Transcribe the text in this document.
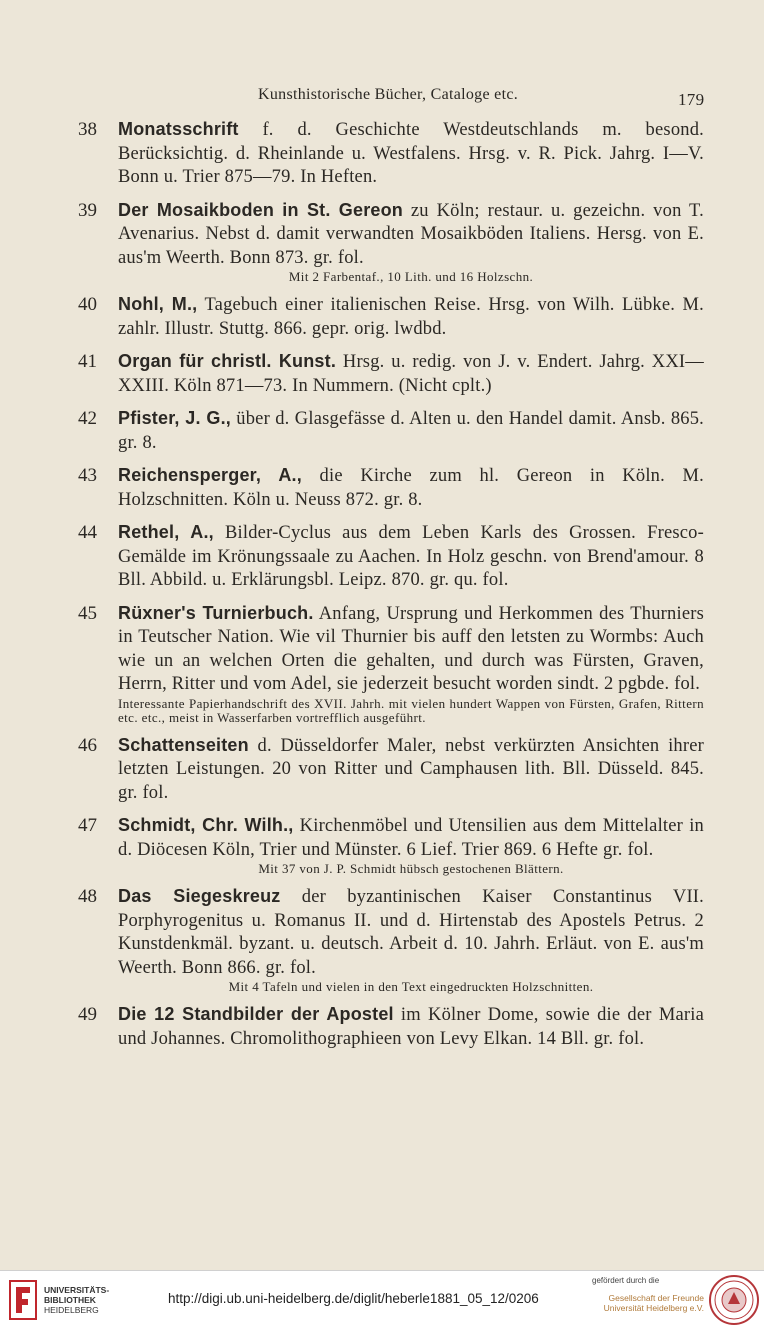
Kunsthistorische Bücher, Cataloge etc.	179
38 Monatsschrift f. d. Geschichte Westdeutschlands m. besond. Berücksichtig. d. Rheinlande u. Westfalens. Hrsg. v. R. Pick. Jahrg. I—V. Bonn u. Trier 875—79. In Heften.
39 Der Mosaikboden in St. Gereon zu Köln; restaur. u. gezeichn. von T. Avenarius. Nebst d. damit verwandten Mosaikböden Italiens. Hersg. von E. aus'm Weerth. Bonn 873. gr. fol.
Mit 2 Farbentaf., 10 Lith. und 16 Holzschn.
40 Nohl, M., Tagebuch einer italienischen Reise. Hrsg. von Wilh. Lübke. M. zahlr. Illustr. Stuttg. 866. gepr. orig. lwdbd.
41 Organ für christl. Kunst. Hrsg. u. redig. von J. v. Endert. Jahrg. XXI—XXIII. Köln 871—73. In Nummern. (Nicht cplt.)
42 Pfister, J. G., über d. Glasgefässe d. Alten u. den Handel damit. Ansb. 865. gr. 8.
43 Reichensperger, A., die Kirche zum hl. Gereon in Köln. M. Holzschnitten. Köln u. Neuss 872. gr. 8.
44 Rethel, A., Bilder-Cyclus aus dem Leben Karls des Grossen. Fresco-Gemälde im Krönungssaale zu Aachen. In Holz geschn. von Brend'amour. 8 Bll. Abbild. u. Erklärungsbl. Leipz. 870. gr. qu. fol.
45 Rüxner's Turnierbuch. Anfang, Ursprung und Herkommen des Thurniers in Teutscher Nation. Wie vil Thurnier bis auff den letsten zu Wormbs: Auch wie un an welchen Orten die gehalten, und durch was Fürsten, Graven, Herrn, Ritter und vom Adel, sie jederzeit besucht worden sindt. 2 pgbde. fol.
Interessante Papierhandschrift des XVII. Jahrh. mit vielen hundert Wappen von Fürsten, Grafen, Rittern etc. etc., meist in Wasserfarben vortrefflich ausgeführt.
46 Schattenseiten d. Düsseldorfer Maler, nebst verkürzten Ansichten ihrer letzten Leistungen. 20 von Ritter und Camphausen lith. Bll. Düsseld. 845. gr. fol.
47 Schmidt, Chr. Wilh., Kirchenmöbel und Utensilien aus dem Mittelalter in d. Diöcesen Köln, Trier und Münster. 6 Lief. Trier 869. 6 Hefte gr. fol.
Mit 37 von J. P. Schmidt hübsch gestochenen Blättern.
48 Das Siegeskreuz der byzantinischen Kaiser Constantinus VII. Porphyrogenitus u. Romanus II. und d. Hirtenstab des Apostels Petrus. 2 Kunstdenkmäl. byzant. u. deutsch. Arbeit d. 10. Jahrh. Erläut. von E. aus'm Weerth. Bonn 866. gr. fol.
Mit 4 Tafeln und vielen in den Text eingedruckten Holzschnitten.
49 Die 12 Standbilder der Apostel im Kölner Dome, sowie die der Maria und Johannes. Chromolithographieen von Levy Elkan. 14 Bll. gr. fol.
UNIVERSITÄTS-
BIBLIOTHEK
HEIDELBERG
http://digi.ub.uni-heidelberg.de/diglit/heberle1881_05_12/0206
gefördert durch die
Gesellschaft der Freunde
Universität Heidelberg e.V.
